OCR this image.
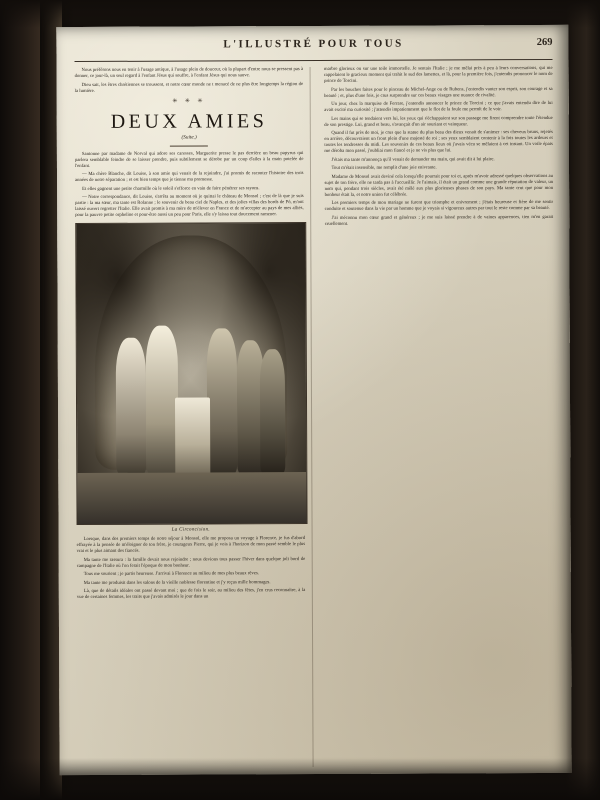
L'ILLUSTRÉ POUR TOUS	269

Nous préférons nous en tenir à l'usage antique, à l'usage plein de douceur, où la plupart d'entre nous se pressent pas à donner, ce jour-là, un seul regard à l'enfant Jésus qui souffre, à l'enfant Jésus qui nous sauve.

Dieu sait, les êtres chrétiennes se troussent, et notre cœur monde ne t menacé de ne plus être longtemps la région de la lumière.

✳ ✳ ✳
DEUX AMIES
(Suite.)

Santonne par madame de Norval qui adore ses caresses, Marguerite presse le pas derrière un beau papyrus qui parlera semblable feindre de se laisser prendre, puis subtilement se dérobe par un coup d'ailes à la main potelée de l'enfant.

— Ma chère Blanche, dit Louise, à son amie qui venait de la rejoindre, j'ai promis de raconter l'histoire des trois années de notre séparation ; et est bien temps que je tienne ma promesse.

Et elles gagnent une petite charmille où le soleil s'efforce en vain de faire pénétrer ses rayons.

— Notre correspondance, dit Louise, s'arrêta au moment où je quittai le château de Monsol ; c'est de là que je suis partie : la ma sœur, ma tante est Rolanne ; le souvenir de beau ciel de Naples, et des jolies villas des bords de Pô, m'ont laissé ouvert regretter l'Italie. Elle avait promis à ma mère de m'élever en France et de m'accepter au pays de mes alliés, pour la pauvre petite orpheline et pour-être aussi un peu pour Paris, elle s'y laissa tout doucement ramener.

La Circoncision.

Lorsque, dans des premiers temps de notre séjour à Monsol, elle me proposa un voyage à Florence, je fus d'abord effrayée à la pensée de m'éloigner de ton frère, je courageux Pierre, qui je vois à l'horizon de mon passé semble le plus vrai et le plus aimant des fiancés.

Ma tante me rassura : la famille devait nous rejoindre ; nous devions tous passer l'hiver dans quelque joli bord de campagne de l'Italie où l'on ferait l'époque de mon bonheur.

Tous me sourient ; je partis heureuse. J'arrivai à Florence au milieu de mes plus beaux rêves.

Ma tante me produisit dans les salons de la vieille noblesse florentine et j'y reçus mille hommages.

Là, que de détails idéales ont passé devant moi ; que de fois le soir, au milieu des fêtes, j'en crus reconnaître, à la vue de certaines femmes, les traits que j'avais admirés le jour dans un

marbre glorieux ou sur une toile immortelle. Je sentais l'Italie ; je me mêlai près à peu à leurs conversations, qui me rappelaient le gracieux moment qui trahit le sud des lamettes, et là, pour la première fois, j'entendis prononcer le nom de prince de Torcini.

Par les bouches faites pour le pinceau de Michel-Ange ou de Rubens, j'entendis vanter son esprit, son courage et sa beauté ; et, plus d'une fois, je crus surprendre sur ces beaux visages une nuance de rivalité.

Un jour, chez la marquise de Ferrare, j'entendis annoncer le prince de Torcini ; ce que j'avais entendu dire de lui avait excité ma curiosité ; j'attendis impatiemment que le flot de la foule me permît de le voir.

Les mains qui se tendaient vers lui, les yeux qui s'échappaient sur son passage me firent comprendre toute l'étendue de son prestige. Lui, grand et beau, s'avançait d'un air souriant et vainqueur.

Quand il fut près de moi, je crus que la statue du plus beau des dieux venait de s'animer : ses cheveux bruns, rejetés en arrière, découvraient un front plein d'une majesté de roi ; ses yeux semblaient contenir à la fois toutes les ardeurs et toutes les tendresses du midi. Les souvenirs de ces beaux lieux où j'avais vécu se mêlaient à cet instant. Un voile épais me déroba mon passé, j'oubliai mon fiancé et je ne vis plus que lui.

J'étais ma tante m'annonça qu'il venait de demander ma main, qui avait dit à lui plaire.

Tout m'était insensible, me remplit d'une joie enivrante.

Madame de Monsol avait deviné cela lorsqu'elle pourrait pour toi et, après m'avoir adressé quelques observations au sujet de ton frère, elle ne tarda pas à l'accueillir. Je l'aimais, il était un grand comme une grande réputation de valeur, un nom qui, pendant trois siècles, avait été mêlé aux plus glorieuses phases de son pays. Ma tante crut que pour mon bonheur était la, et notre union fut célébrée.

Les premiers temps de mon mariage ne furent que triomphe et enivrement ; j'étais heureuse et fière de me sentir conduite et soutenue dans la vie par un homme que je voyais si vigoureux autres par tout le reste comme par sa beauté.

J'ai méconnu mon cœur grand et généreux ; je me suis laissé prendre à de vaines apparences, tien m'en garait cruellement.
